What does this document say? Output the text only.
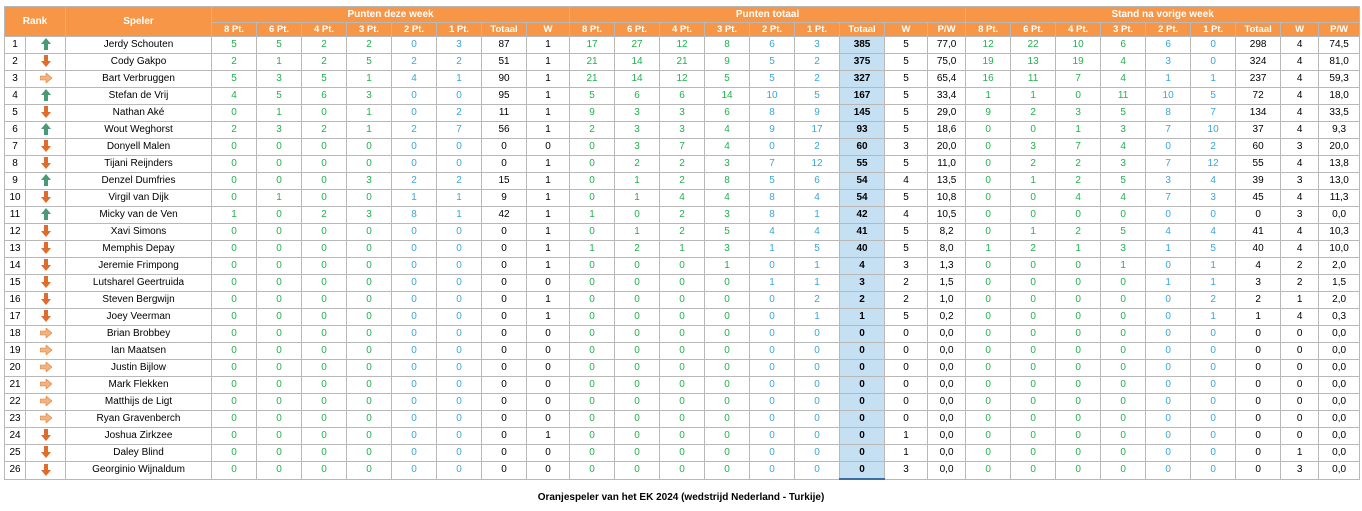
Rank		Speler	Punten deze week								Punten totaal									Stand na vorige week								
			8 Pt.	6 Pt.	4 Pt.	3 Pt.	2 Pt.	1 Pt.	Totaal	W	8 Pt.	6 Pt.	4 Pt.	3 Pt.	2 Pt.	1 Pt.	Totaal	W	P/W	8 Pt.	6 Pt.	4 Pt.	3 Pt.	2 Pt.	1 Pt.	Totaal	W	P/W
1		Jerdy Schouten	5	5	2	2	0	3	87	1	17	27	12	8	6	3	385	5	77,0	12	22	10	6	6	0	298	4	74,5
2		Cody Gakpo	2	1	2	5	2	2	51	1	21	14	21	9	5	2	375	5	75,0	19	13	19	4	3	0	324	4	81,0
3		Bart Verbruggen	5	3	5	1	4	1	90	1	21	14	12	5	5	2	327	5	65,4	16	11	7	4	1	1	237	4	59,3
4		Stefan de Vrij	4	5	6	3	0	0	95	1	5	6	6	14	10	5	167	5	33,4	1	1	0	11	10	5	72	4	18,0
5		Nathan Aké	0	1	0	1	0	2	11	1	9	3	3	6	8	9	145	5	29,0	9	2	3	5	8	7	134	4	33,5
6		Wout Weghorst	2	3	2	1	2	7	56	1	2	3	3	4	9	17	93	5	18,6	0	0	1	3	7	10	37	4	9,3
7		Donyell Malen	0	0	0	0	0	0	0	0	0	3	7	4	0	2	60	3	20,0	0	3	7	4	0	2	60	3	20,0
8		Tijani Reijnders	0	0	0	0	0	0	0	1	0	2	2	3	7	12	55	5	11,0	0	2	2	3	7	12	55	4	13,8
9		Denzel Dumfries	0	0	0	3	2	2	15	1	0	1	2	8	5	6	54	4	13,5	0	1	2	5	3	4	39	3	13,0
10		Virgil van Dijk	0	1	0	0	1	1	9	1	0	1	4	4	8	4	54	5	10,8	0	0	4	4	7	3	45	4	11,3
11		Micky van de Ven	1	0	2	3	8	1	42	1	1	0	2	3	8	1	42	4	10,5	0	0	0	0	0	0	0	3	0,0
12		Xavi Simons	0	0	0	0	0	0	0	1	0	1	2	5	4	4	41	5	8,2	0	1	2	5	4	4	41	4	10,3
13		Memphis Depay	0	0	0	0	0	0	0	1	1	2	1	3	1	5	40	5	8,0	1	2	1	3	1	5	40	4	10,0
14		Jeremie Frimpong	0	0	0	0	0	0	0	1	0	0	0	1	0	1	4	3	1,3	0	0	0	1	0	1	4	2	2,0
15		Lutsharel Geertruida	0	0	0	0	0	0	0	0	0	0	0	0	1	1	3	2	1,5	0	0	0	0	1	1	3	2	1,5
16		Steven Bergwijn	0	0	0	0	0	0	0	1	0	0	0	0	0	2	2	2	1,0	0	0	0	0	0	2	2	1	2,0
17		Joey Veerman	0	0	0	0	0	0	0	1	0	0	0	0	0	1	1	5	0,2	0	0	0	0	0	1	1	4	0,3
18		Brian Brobbey	0	0	0	0	0	0	0	0	0	0	0	0	0	0	0	0	0,0	0	0	0	0	0	0	0	0	0,0
19		Ian Maatsen	0	0	0	0	0	0	0	0	0	0	0	0	0	0	0	0	0,0	0	0	0	0	0	0	0	0	0,0
20		Justin Bijlow	0	0	0	0	0	0	0	0	0	0	0	0	0	0	0	0	0,0	0	0	0	0	0	0	0	0	0,0
21		Mark Flekken	0	0	0	0	0	0	0	0	0	0	0	0	0	0	0	0	0,0	0	0	0	0	0	0	0	0	0,0
22		Matthijs de Ligt	0	0	0	0	0	0	0	0	0	0	0	0	0	0	0	0	0,0	0	0	0	0	0	0	0	0	0,0
23		Ryan Gravenberch	0	0	0	0	0	0	0	0	0	0	0	0	0	0	0	0	0,0	0	0	0	0	0	0	0	0	0,0
24		Joshua Zirkzee	0	0	0	0	0	0	0	1	0	0	0	0	0	0	0	1	0,0	0	0	0	0	0	0	0	0	0,0
25		Daley Blind	0	0	0	0	0	0	0	0	0	0	0	0	0	0	0	1	0,0	0	0	0	0	0	0	0	1	0,0
26		Georginio Wijnaldum	0	0	0	0	0	0	0	0	0	0	0	0	0	0	0	3	0,0	0	0	0	0	0	0	0	3	0,0
Oranjespeler van het EK 2024 (wedstrijd Nederland - Turkije)
